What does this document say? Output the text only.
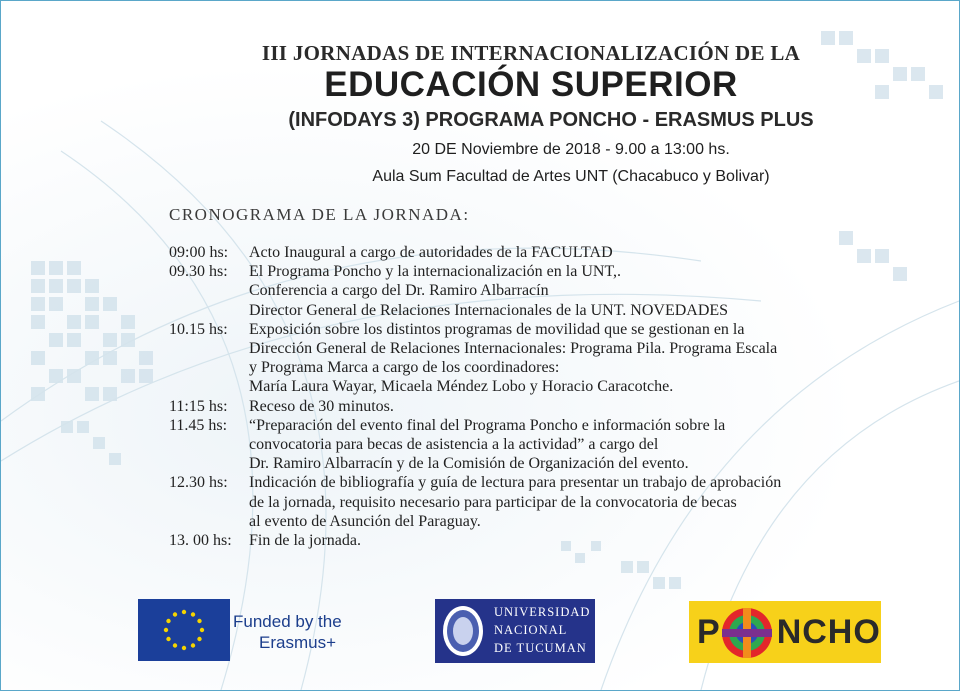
III JORNADAS DE INTERNACIONALIZACIÓN DE LA
EDUCACIÓN SUPERIOR
(INFODAYS 3) PROGRAMA PONCHO - ERASMUS PLUS
20 DE Noviembre de 2018 - 9.00 a 13:00 hs.
Aula Sum Facultad de Artes UNT (Chacabuco y Bolivar)
CRONOGRAMA DE LA JORNADA:
09:00 hs:	Acto Inaugural a cargo de autoridades de la FACULTAD
09.30 hs:	El Programa Poncho y la internacionalización en la UNT,.
Conferencia a cargo del Dr. Ramiro Albarracín
Director General de Relaciones Internacionales de la UNT. NOVEDADES
10.15 hs:	Exposición sobre los distintos programas de movilidad que se gestionan en la
Dirección General de Relaciones Internacionales: Programa Pila. Programa Escala
y Programa Marca a cargo de los coordinadores:
María Laura Wayar, Micaela Méndez Lobo y Horacio Caracotche.
11:15 hs:	Receso de 30 minutos.
11.45 hs:	“Preparación del evento final del Programa Poncho e información sobre la
convocatoria para becas de asistencia a la actividad” a cargo del
Dr. Ramiro Albarracín y de la Comisión de Organización del evento.
12.30 hs:	Indicación de bibliografía y guía de lectura para presentar un trabajo de aprobación
de la jornada, requisito necesario para participar de la convocatoria de becas
al evento de Asunción del Paraguay.
13. 00 hs:	Fin de la jornada.
Funded by the
Erasmus+
UNIVERSIDAD
NACIONAL
DE TUCUMAN	P NCHO
